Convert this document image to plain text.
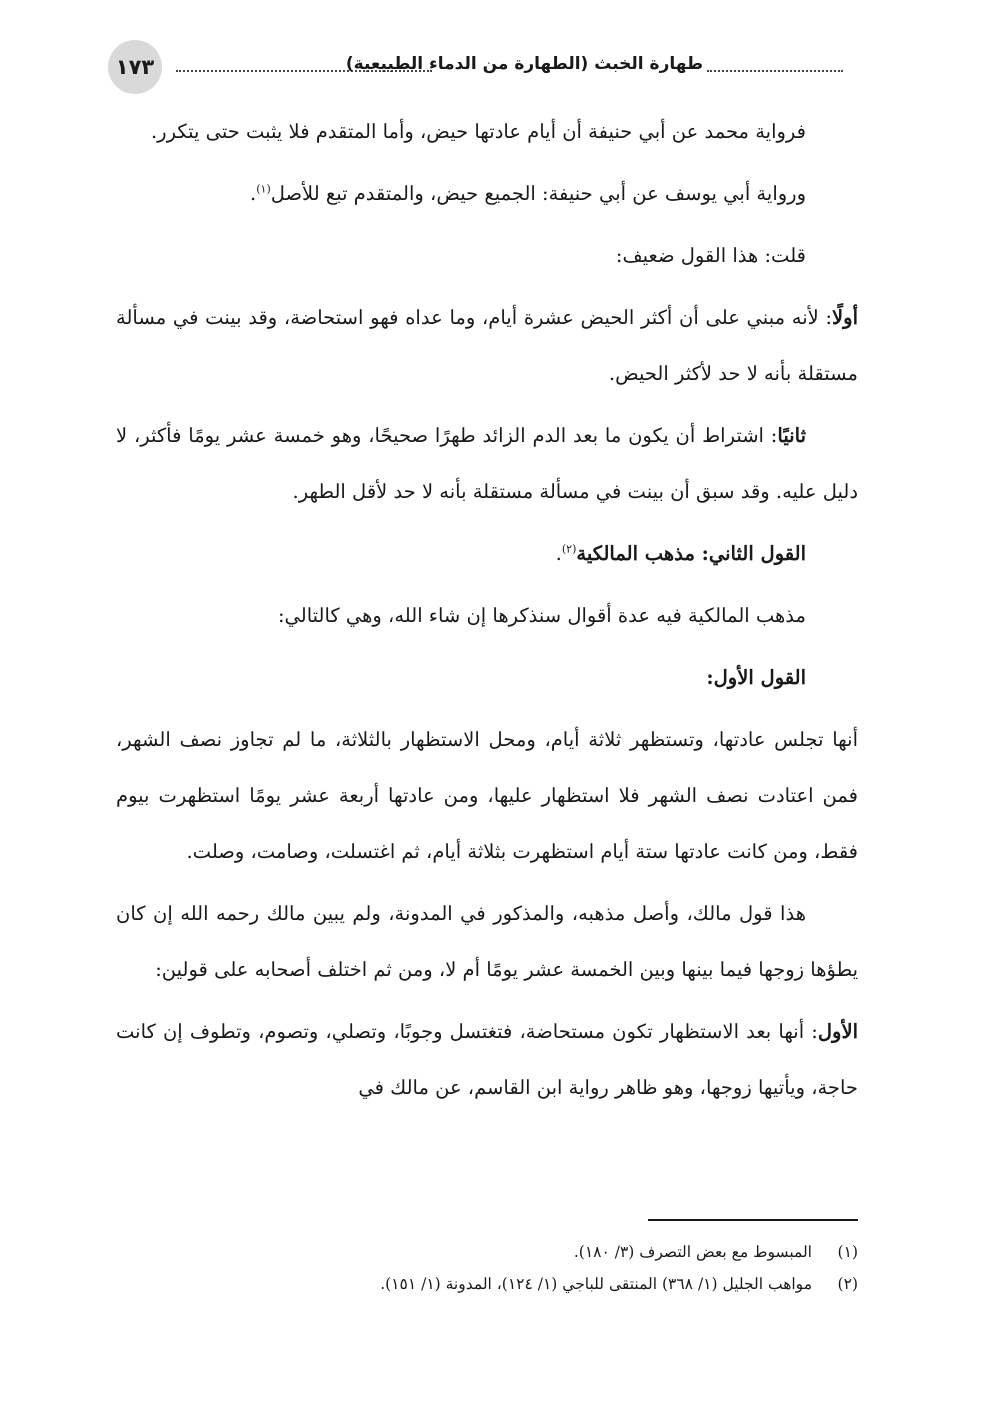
١٧٣	طهارة الخبث (الطهارة من الدماء الطبيعية)

فرواية محمد عن أبي حنيفة أن أيام عادتها حيض، وأما المتقدم فلا يثبت حتى يتكرر.

ورواية أبي يوسف عن أبي حنيفة: الجميع حيض، والمتقدم تبع للأصل$^{(١)}$.

قلت: هذا القول ضعيف:

أولًا: لأنه مبني على أن أكثر الحيض عشرة أيام، وما عداه فهو استحاضة، وقد بينت في مسألة مستقلة بأنه لا حد لأكثر الحيض.

ثانيًا: اشتراط أن يكون ما بعد الدم الزائد طهرًا صحيحًا، وهو خمسة عشر يومًا فأكثر، لا دليل عليه. وقد سبق أن بينت في مسألة مستقلة بأنه لا حد لأقل الطهر.

القول الثاني: مذهب المالكية$^{(٢)}$.

مذهب المالكية فيه عدة أقوال سنذكرها إن شاء الله، وهي كالتالي:

القول الأول:

أنها تجلس عادتها، وتستظهر ثلاثة أيام، ومحل الاستظهار بالثلاثة، ما لم تجاوز نصف الشهر، فمن اعتادت نصف الشهر فلا استظهار عليها، ومن عادتها أربعة عشر يومًا استظهرت بيوم فقط، ومن كانت عادتها ستة أيام استظهرت بثلاثة أيام، ثم اغتسلت، وصامت، وصلت.

هذا قول مالك، وأصل مذهبه، والمذكور في المدونة، ولم يبين مالك رحمه الله إن كان يطؤها زوجها فيما بينها وبين الخمسة عشر يومًا أم لا، ومن ثم اختلف أصحابه على قولين:

الأول: أنها بعد الاستظهار تكون مستحاضة، فتغتسل وجوبًا، وتصلي، وتصوم، وتطوف إن كانت حاجة، ويأتيها زوجها، وهو ظاهر رواية ابن القاسم، عن مالك في

(١)المبسوط مع بعض التصرف (٣/ ١٨٠).

(٢)مواهب الجليل (١/ ٣٦٨) المنتقى للباجي (١/ ١٢٤)، المدونة (١/ ١٥١).
